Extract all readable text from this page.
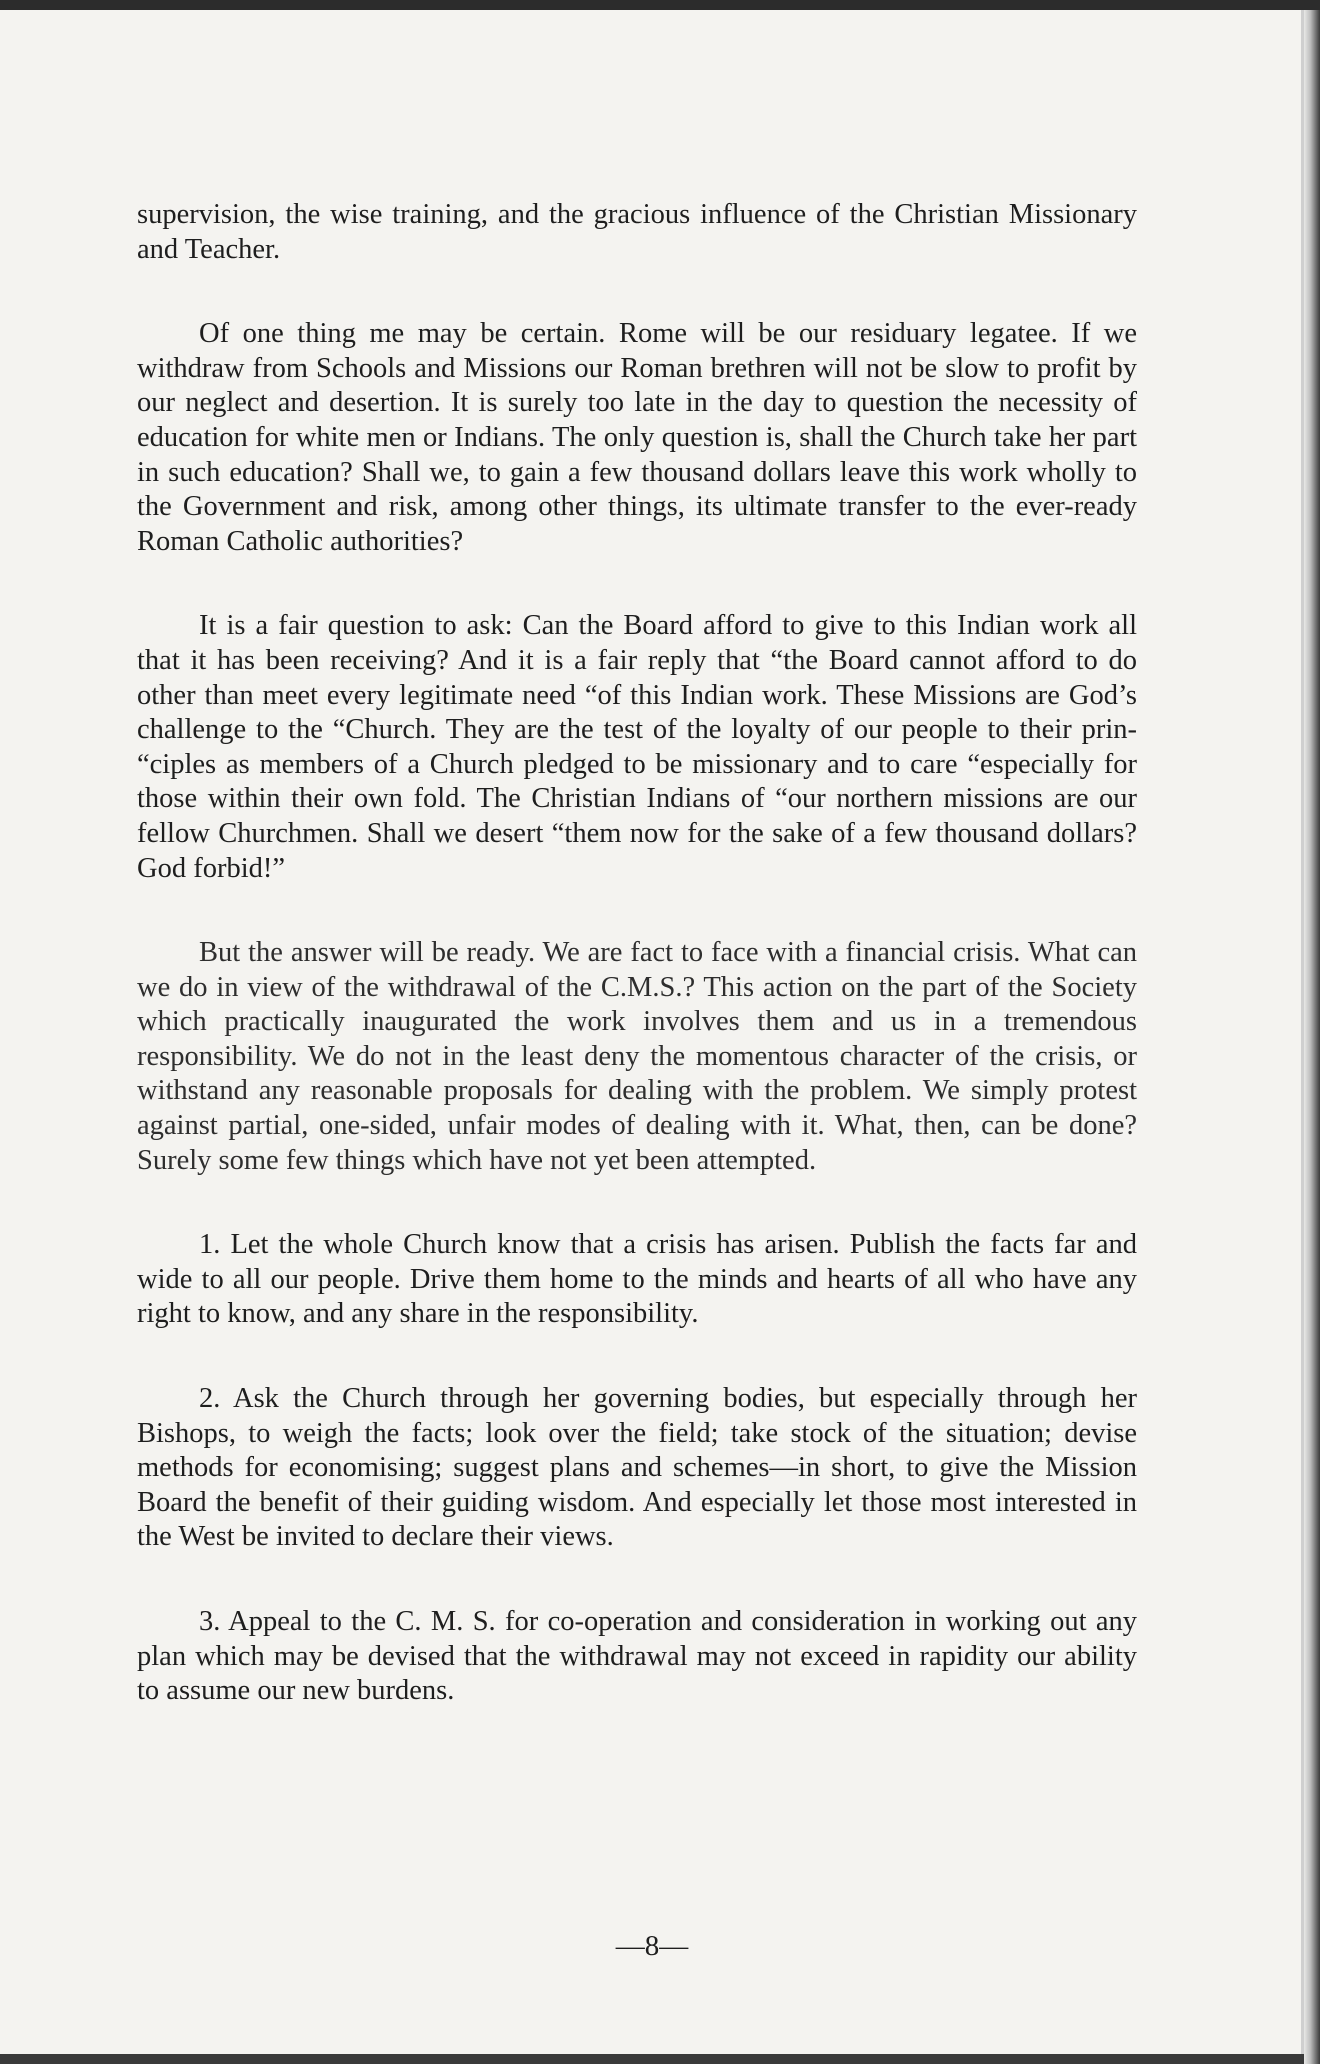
supervision, the wise training, and the gracious influence of the Christian Missionary and Teacher.

Of one thing me may be certain. Rome will be our residuary legatee. If we withdraw from Schools and Missions our Roman brethren will not be slow to profit by our neglect and desertion. It is surely too late in the day to question the necessity of education for white men or Indians. The only question is, shall the Church take her part in such education? Shall we, to gain a few thousand dollars leave this work wholly to the Government and risk, among other things, its ultimate transfer to the ever-ready Roman Catholic authorities?

It is a fair question to ask: Can the Board afford to give to this Indian work all that it has been receiving? And it is a fair reply that “the Board cannot afford to do other than meet every legitimate need “of this Indian work. These Missions are God’s challenge to the “Church. They are the test of the loyalty of our people to their prin- “ciples as members of a Church pledged to be missionary and to care “especially for those within their own fold. The Christian Indians of “our northern missions are our fellow Churchmen. Shall we desert “them now for the sake of a few thousand dollars? God forbid!”

But the answer will be ready. We are fact to face with a financial crisis. What can we do in view of the withdrawal of the C.M.S.? This action on the part of the Society which practically inaugurated the work involves them and us in a tremendous responsibility. We do not in the least deny the momentous character of the crisis, or withstand any reasonable proposals for dealing with the problem. We simply protest against partial, one-sided, unfair modes of dealing with it. What, then, can be done? Surely some few things which have not yet been attempted.

1. Let the whole Church know that a crisis has arisen. Publish the facts far and wide to all our people. Drive them home to the minds and hearts of all who have any right to know, and any share in the responsibility.

2. Ask the Church through her governing bodies, but especially through her Bishops, to weigh the facts; look over the field; take stock of the situation; devise methods for economising; suggest plans and schemes—in short, to give the Mission Board the benefit of their guiding wisdom. And especially let those most interested in the West be invited to declare their views.

3. Appeal to the C. M. S. for co-operation and consideration in working out any plan which may be devised that the withdrawal may not exceed in rapidity our ability to assume our new burdens.

—8—
